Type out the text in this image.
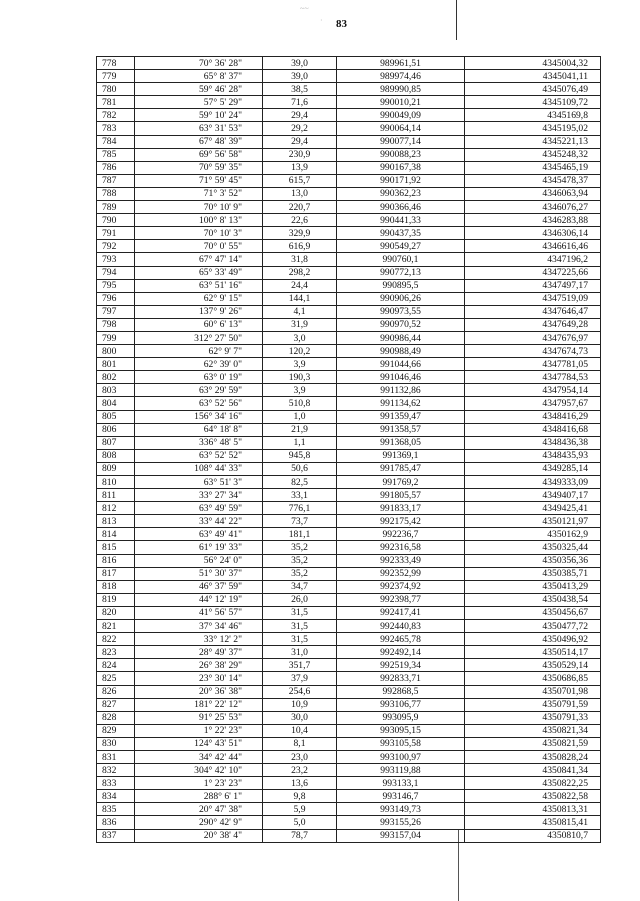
~~
· 83
778	70° 36' 28"	39,0	989961,51	4345004,32
779	65° 8' 37"	39,0	989974,46	4345041,11
780	59° 46' 28"	38,5	989990,85	4345076,49
781	57° 5' 29"	71,6	990010,21	4345109,72
782	59° 10' 24"	29,4	990049,09	4345169,8
783	63° 31' 53"	29,2	990064,14	4345195,02
784	67° 48' 39"	29,4	990077,14	4345221,13
785	69° 56' 58"	230,9	990088,23	4345248,32
786	70° 59' 35"	13,9	990167,38	4345465,19
787	71° 59' 45"	615,7	990171,92	4345478,37
788	71° 3' 52"	13,0	990362,23	4346063,94
789	70° 10' 9"	220,7	990366,46	4346076,27
790	100° 8' 13"	22,6	990441,33	4346283,88
791	70° 10' 3"	329,9	990437,35	4346306,14
792	70° 0' 55"	616,9	990549,27	4346616,46
793	67° 47' 14"	31,8	990760,1	4347196,2
794	65° 33' 49"	298,2	990772,13	4347225,66
795	63° 51' 16"	24,4	990895,5	4347497,17
796	62° 9' 15"	144,1	990906,26	4347519,09
797	137° 9' 26"	4,1	990973,55	4347646,47
798	60° 6' 13"	31,9	990970,52	4347649,28
799	312° 27' 50"	3,0	990986,44	4347676,97
800	62° 9' 7"	120,2	990988,49	4347674,73
801	62° 39' 0"	3,9	991044,66	4347781,05
802	63° 0' 19"	190,3	991046,46	4347784,53
803	63° 29' 59"	3,9	991132,86	4347954,14
804	63° 52' 56"	510,8	991134,62	4347957,67
805	156° 34' 16"	1,0	991359,47	4348416,29
806	64° 18' 8"	21,9	991358,57	4348416,68
807	336° 48' 5"	1,1	991368,05	4348436,38
808	63° 52' 52"	945,8	991369,1	4348435,93
809	108° 44' 33"	50,6	991785,47	4349285,14
810	63° 51' 3"	82,5	991769,2	4349333,09
811	33° 27' 34"	33,1	991805,57	4349407,17
812	63° 49' 59"	776,1	991833,17	4349425,41
813	33° 44' 22"	73,7	992175,42	4350121,97
814	63° 49' 41"	181,1	992236,7	4350162,9
815	61° 19' 33"	35,2	992316,58	4350325,44
816	56° 24' 0"	35,2	992333,49	4350356,36
817	51° 30' 37"	35,2	992352,99	4350385,71
818	46° 37' 59"	34,7	992374,92	4350413,29
819	44° 12' 19"	26,0	992398,77	4350438,54
820	41° 56' 57"	31,5	992417,41	4350456,67
821	37° 34' 46"	31,5	992440,83	4350477,72
822	33° 12' 2"	31,5	992465,78	4350496,92
823	28° 49' 37"	31,0	992492,14	4350514,17
824	26° 38' 29"	351,7	992519,34	4350529,14
825	23° 30' 14"	37,9	992833,71	4350686,85
826	20° 36' 38"	254,6	992868,5	4350701,98
827	181° 22' 12"	10,9	993106,77	4350791,59
828	91° 25' 53"	30,0	993095,9	4350791,33
829	1° 22' 23"	10,4	993095,15	4350821,34
830	124° 43' 51"	8,1	993105,58	4350821,59
831	34° 42' 44"	23,0	993100,97	4350828,24
832	304° 42' 10"	23,2	993119,88	4350841,34
833	1° 23' 23"	13,6	993133,1	4350822,25
834	288° 6' 1"	9,8	993146,7	4350822,58
835	20° 47' 38"	5,9	993149,73	4350813,31
836	290° 42' 9"	5,0	993155,26	4350815,41
837	20° 38' 4"	78,7	993157,04	4350810,7
